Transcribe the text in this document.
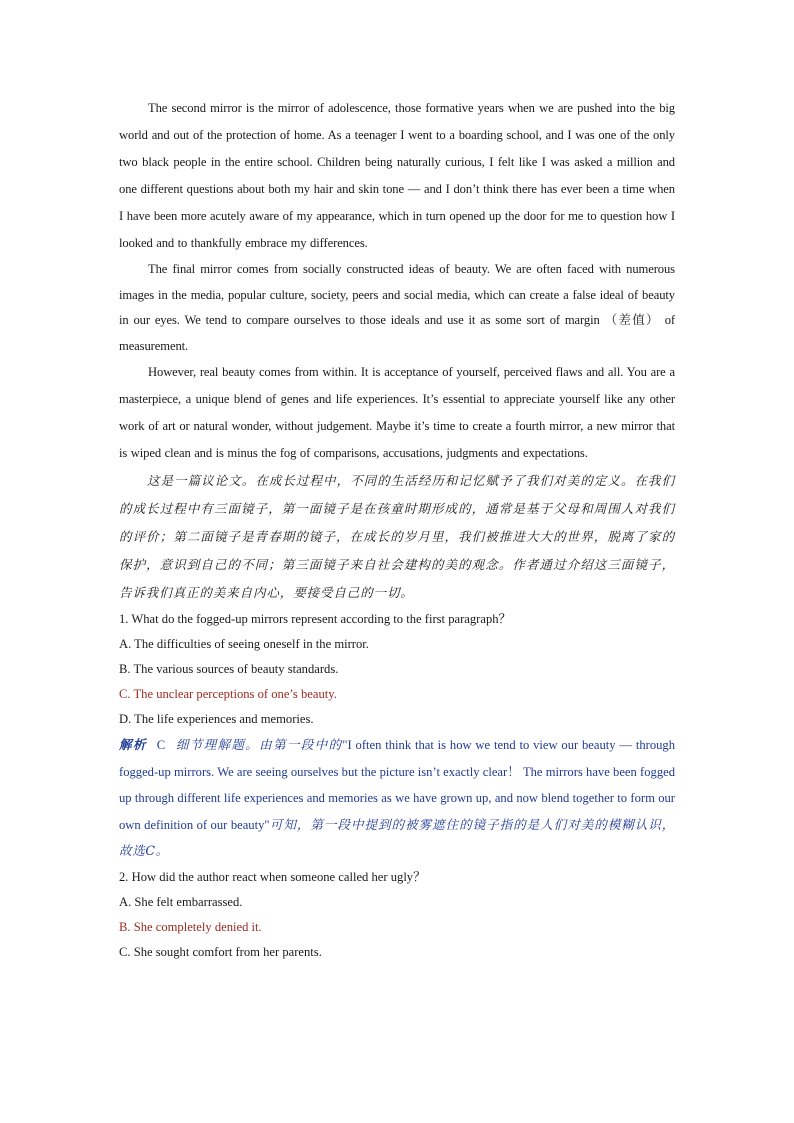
The second mirror is the mirror of adolescence, those formative years when we are pushed into the big world and out of the protection of home. As a teenager I went to a boarding school, and I was one of the only two black people in the entire school. Children being naturally curious, I felt like I was asked a million and one different questions about both my hair and skin tone — and I don’t think there has ever been a time when I have been more acutely aware of my appearance, which in turn opened up the door for me to question how I looked and to thankfully embrace my differences.

The final mirror comes from socially constructed ideas of beauty. We are often faced with numerous images in the media, popular culture, society, peers and social media, which can create a false ideal of beauty in our eyes. We tend to compare ourselves to those ideals and use it as some sort of margin （差值） of measurement.

However, real beauty comes from within. It is acceptance of yourself, perceived flaws and all. You are a masterpiece, a unique blend of genes and life experiences. It’s essential to appreciate yourself like any other work of art or natural wonder, without judgement. Maybe it’s time to create a fourth mirror, a new mirror that is wiped clean and is minus the fog of comparisons, accusations, judgments and expectations.

这是一篇议论文。在成长过程中，不同的生活经历和记忆赋予了我们对美的定义。在我们的成长过程中有三面镜子，第一面镜子是在孩童时期形成的，通常是基于父母和周围人对我们的评价；第二面镜子是青春期的镜子，在成长的岁月里，我们被推进大大的世界，脱离了家的保护，意识到自己的不同；第三面镜子来自社会建构的美的观念。作者通过介绍这三面镜子，告诉我们真正的美来自内心，要接受自己的一切。

1. What do the fogged-up mirrors represent according to the first paragraph？

A. The difficulties of seeing oneself in the mirror.

B. The various sources of beauty standards.

C. The unclear perceptions of one’s beauty.

D. The life experiences and memories.

解析 C 细节理解题。由第一段中的"I often think that is how we tend to view our beauty — through fogged-up mirrors. We are seeing ourselves but the picture isn’t exactly clear！ The mirrors have been fogged up through different life experiences and memories as we have grown up, and now blend together to form our own definition of our beauty"可知，第一段中提到的被雾遮住的镜子指的是人们对美的模糊认识，故选C。

2. How did the author react when someone called her ugly？

A. She felt embarrassed.

B. She completely denied it.

C. She sought comfort from her parents.
